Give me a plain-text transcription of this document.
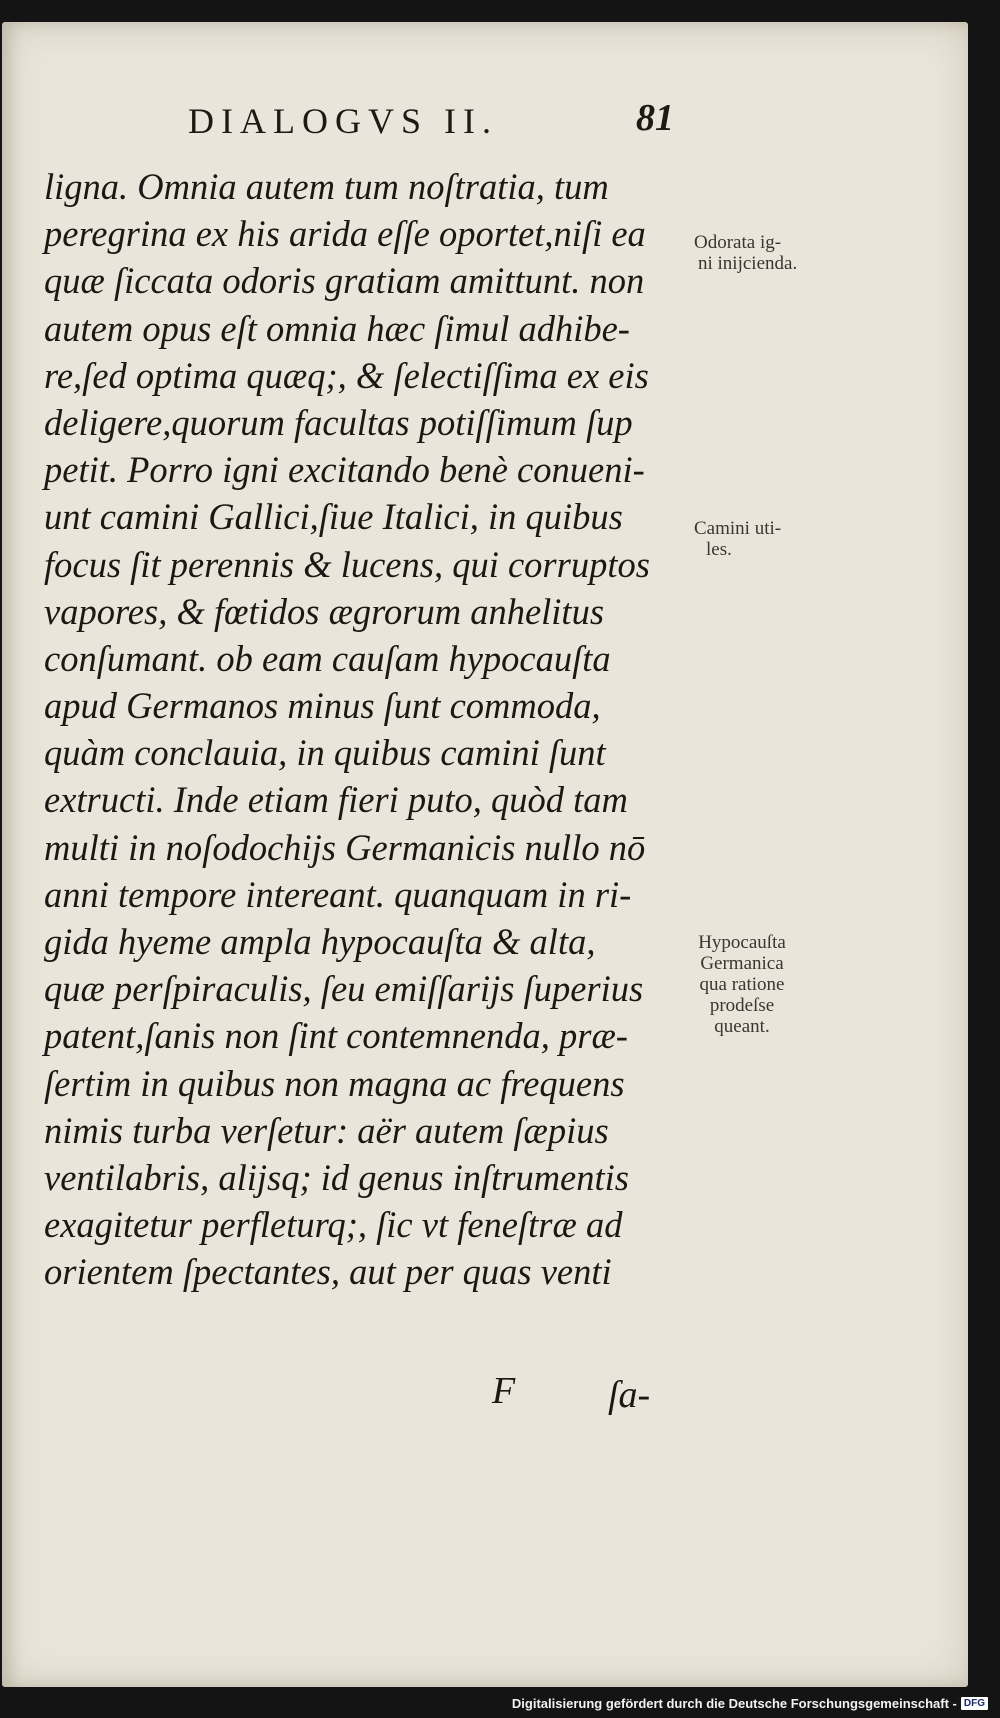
DIALOGVS II.	81
ligna. Omnia autem tum noſtratia, tum
peregrina ex his arida eſſe oportet,niſi ea
quæ ſiccata odoris gratiam amittunt. non
autem opus eſt omnia hæc ſimul adhibe-
re,ſed optima quæq;, & ſelectiſſima ex eis
deligere,quorum facultas potiſſimum ſup
petit. Porro igni excitando benè conueni-
unt camini Gallici,ſiue Italici, in quibus
focus ſit perennis & lucens, qui corruptos
vapores, & fœtidos ægrorum anhelitus
conſumant. ob eam cauſam hypocauſta
apud Germanos minus ſunt commoda,
quàm conclauia, in quibus camini ſunt
extructi. Inde etiam fieri puto, quòd tam
multi in noſodochijs Germanicis nullo nō
anni tempore intereant. quanquam in ri-
gida hyeme ampla hypocauſta & alta,
quæ perſpiraculis, ſeu emiſſarijs ſuperius
patent,ſanis non ſint contemnenda, præ-
ſertim in quibus non magna ac frequens
nimis turba verſetur: aër autem ſæpius
ventilabris, alijsq; id genus inſtrumentis
exagitetur perfleturq;, ſic vt feneſtræ ad
orientem ſpectantes, aut per quas venti
F ſa-
Odorata ig-
ni inijcienda.
Camini uti-
les.
Hypocauſta
Germanica
qua ratione
prodeſse
queant.
Digitalisierung gefördert durch die Deutsche Forschungsgemeinschaft - DFG
